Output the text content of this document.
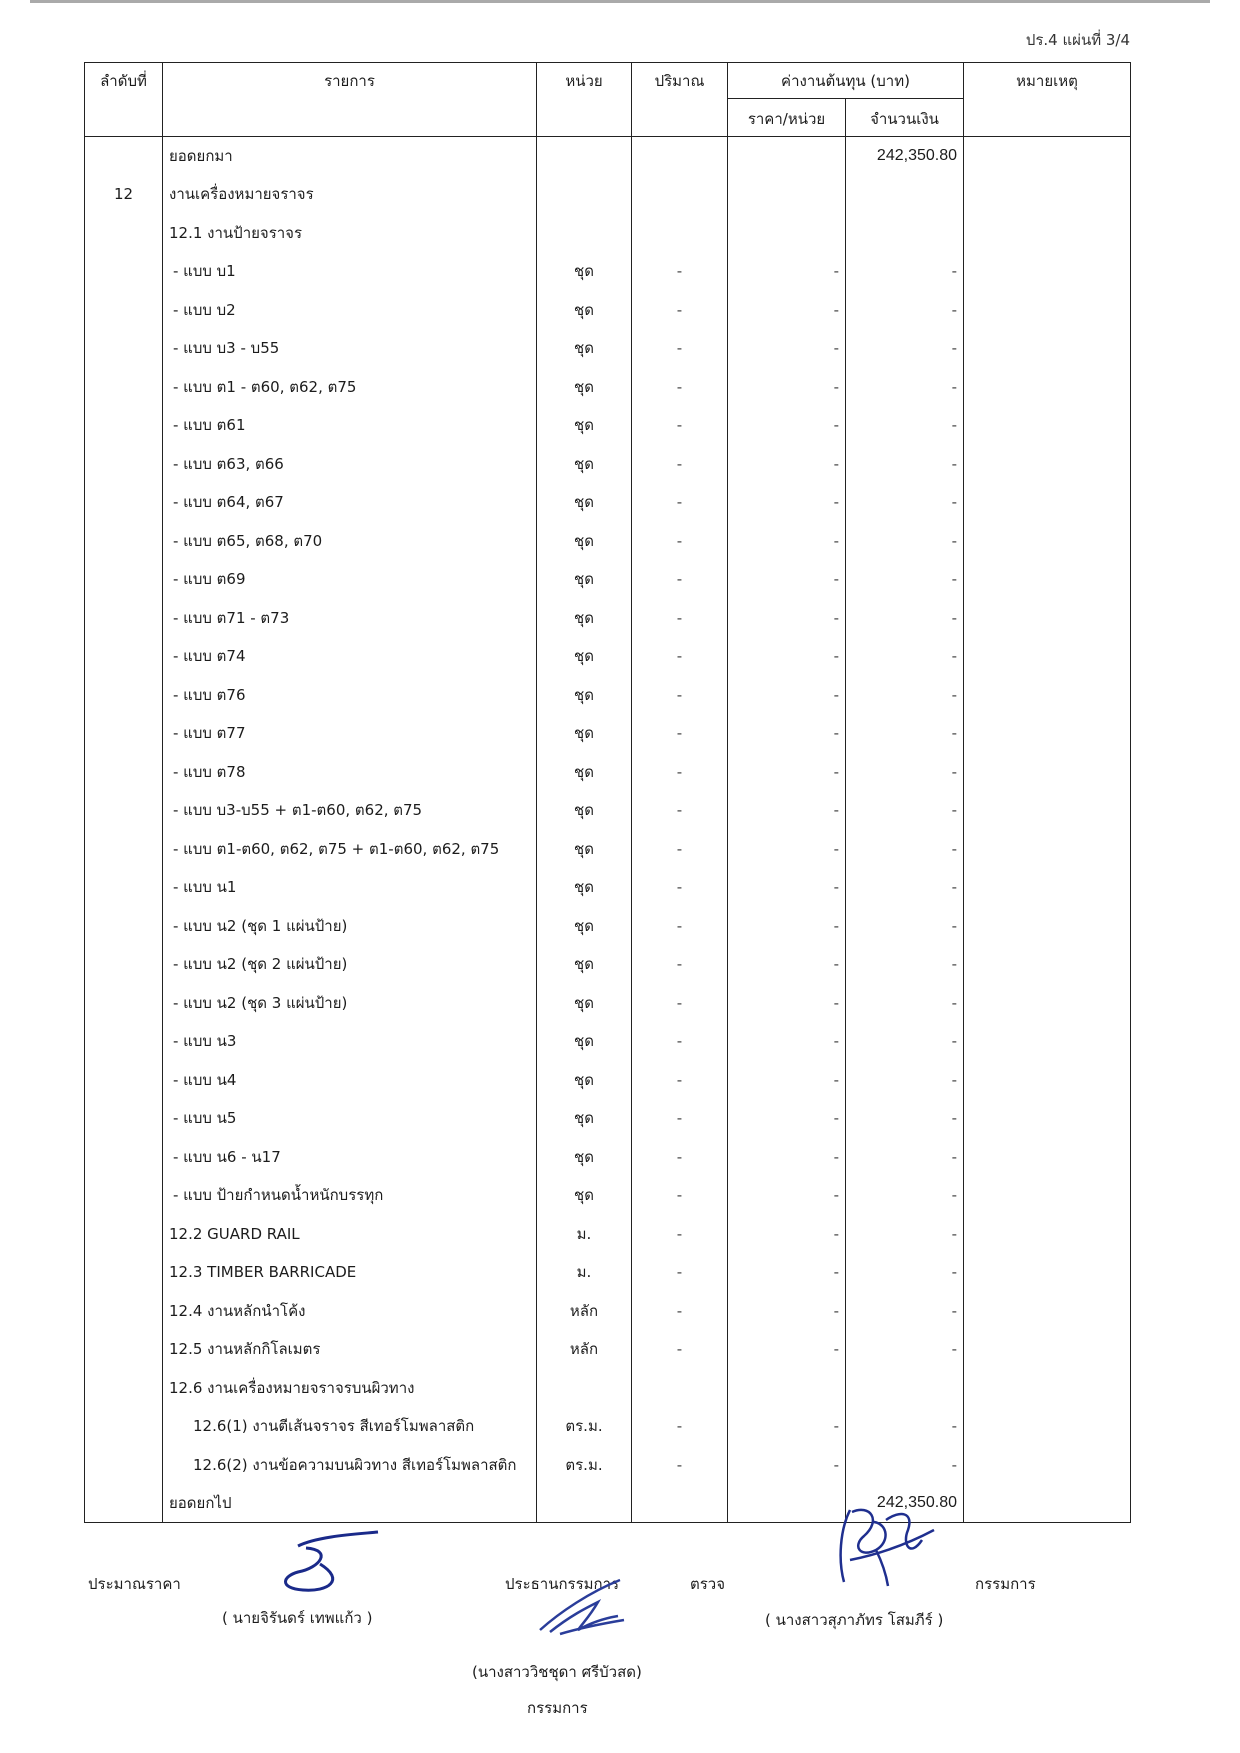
ปร.4 แผ่นที่ 3/4
ลำดับที่	รายการ	หน่วย	ปริมาณ	ค่างานต้นทุน (บาท)		หมายเหตุ
				ราคา/หน่วย	จำนวนเงิน	
	ยอดยกมา				242,350.80	
12	งานเครื่องหมายจราจร					
	12.1 งานป้ายจราจร					
	- แบบ บ1	ชุด	-	-	-	
	- แบบ บ2	ชุด	-	-	-	
	- แบบ บ3 - บ55	ชุด	-	-	-	
	- แบบ ต1 - ต60, ต62, ต75	ชุด	-	-	-	
	- แบบ ต61	ชุด	-	-	-	
	- แบบ ต63, ต66	ชุด	-	-	-	
	- แบบ ต64, ต67	ชุด	-	-	-	
	- แบบ ต65, ต68, ต70	ชุด	-	-	-	
	- แบบ ต69	ชุด	-	-	-	
	- แบบ ต71 - ต73	ชุด	-	-	-	
	- แบบ ต74	ชุด	-	-	-	
	- แบบ ต76	ชุด	-	-	-	
	- แบบ ต77	ชุด	-	-	-	
	- แบบ ต78	ชุด	-	-	-	
	- แบบ บ3-บ55 + ต1-ต60, ต62, ต75	ชุด	-	-	-	
	- แบบ ต1-ต60, ต62, ต75 + ต1-ต60, ต62, ต75	ชุด	-	-	-	
	- แบบ น1	ชุด	-	-	-	
	- แบบ น2 (ชุด 1 แผ่นป้าย)	ชุด	-	-	-	
	- แบบ น2 (ชุด 2 แผ่นป้าย)	ชุด	-	-	-	
	- แบบ น2 (ชุด 3 แผ่นป้าย)	ชุด	-	-	-	
	- แบบ น3	ชุด	-	-	-	
	- แบบ น4	ชุด	-	-	-	
	- แบบ น5	ชุด	-	-	-	
	- แบบ น6 - น17	ชุด	-	-	-	
	- แบบ ป้ายกำหนดน้ำหนักบรรทุก	ชุด	-	-	-	
	12.2 GUARD RAIL	ม.	-	-	-	
	12.3 TIMBER BARRICADE	ม.	-	-	-	
	12.4 งานหลักนำโค้ง	หลัก	-	-	-	
	12.5 งานหลักกิโลเมตร	หลัก	-	-	-	
	12.6 งานเครื่องหมายจราจรบนผิวทาง					
	12.6(1) งานตีเส้นจราจร สีเทอร์โมพลาสติก	ตร.ม.	-	-	-	
	12.6(2) งานข้อความบนผิวทาง สีเทอร์โมพลาสติก	ตร.ม.	-	-	-	
	ยอดยกไป				242,350.80	
ประมาณราคา
( นายจิรันดร์ เทพแก้ว )
ประธานกรรมการ	ตรวจ	กรรมการ
( นางสาวสุภาภัทร โสมภีร์ )
(นางสาววิชชุดา ศรีบัวสด)
กรรมการ
